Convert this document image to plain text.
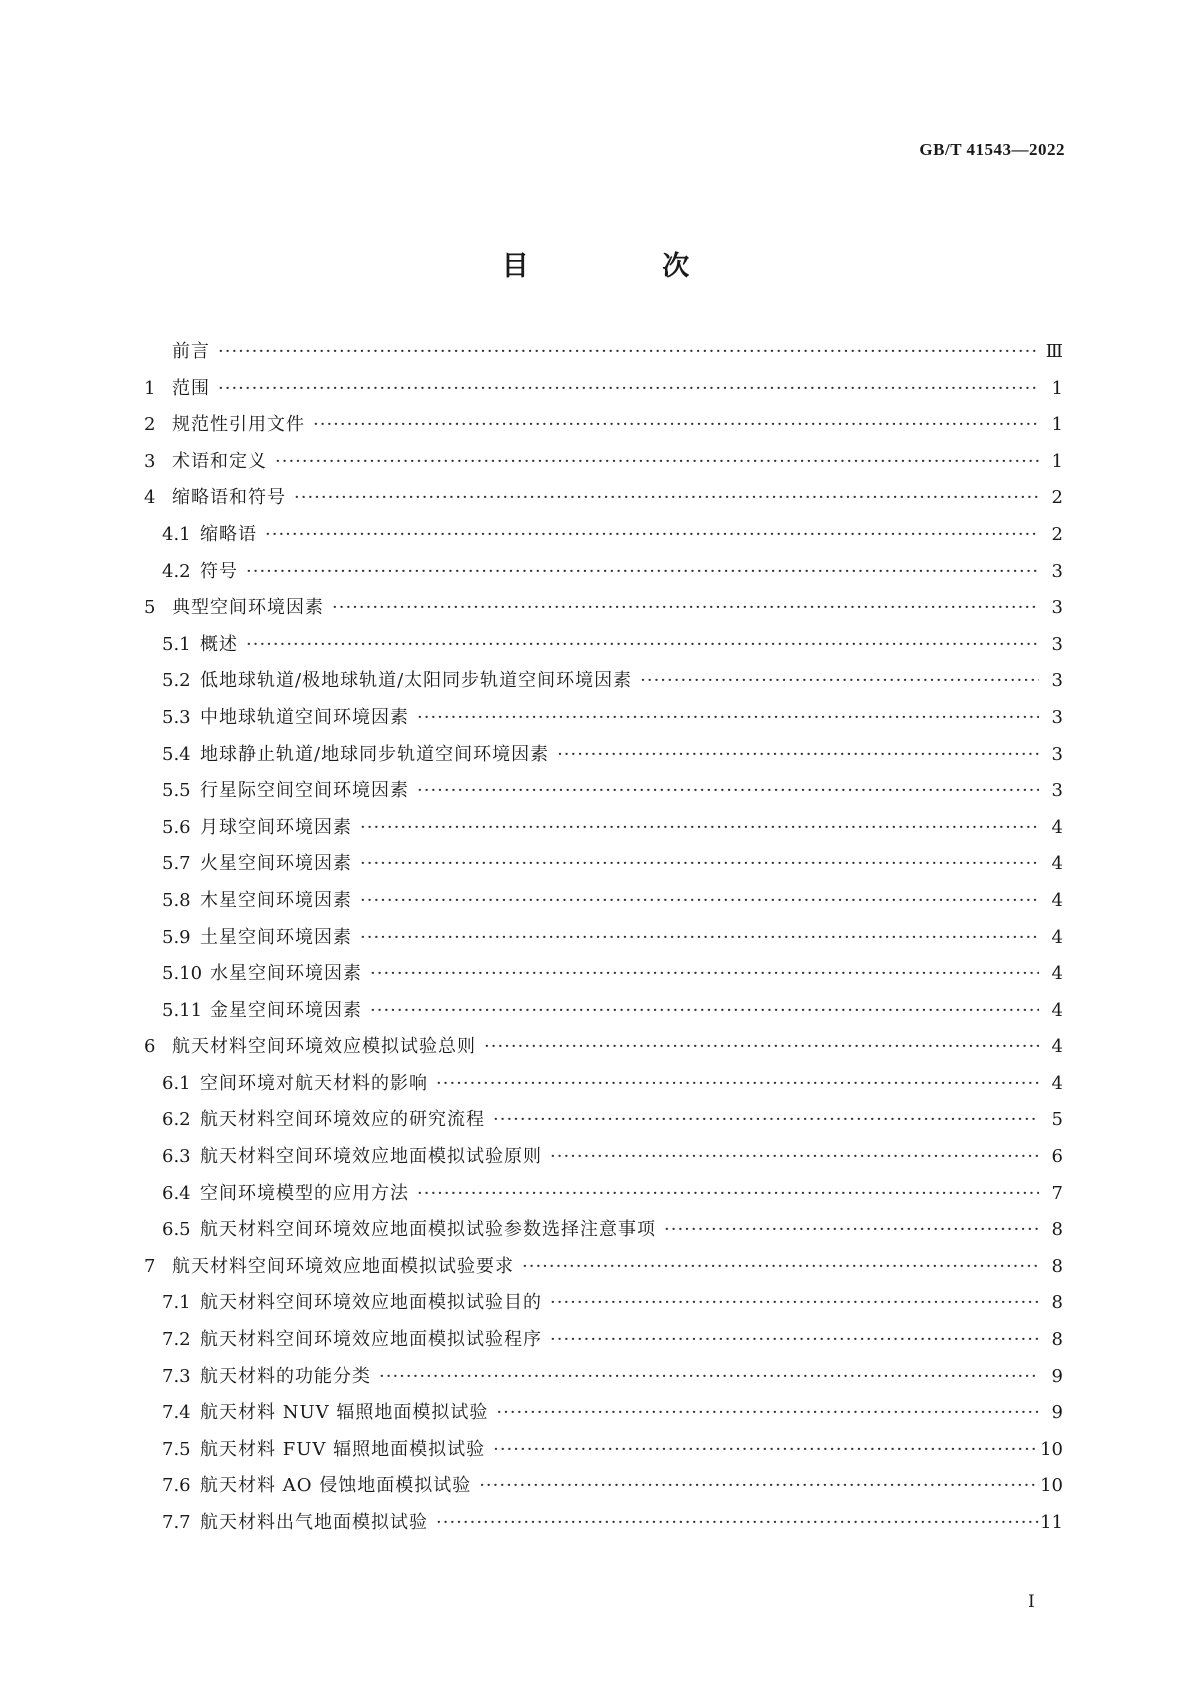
GB/T 41543—2022
目 次
前言 ·····	Ⅲ
1 范围 ·····	1
2 规范性引用文件 ·····	1
3 术语和定义 ·····	1
4 缩略语和符号 ·····	2
4.1 缩略语 ·····	2
4.2 符号 ·····	3
5 典型空间环境因素 ·····	3
5.1 概述 ·····	3
5.2 低地球轨道/极地球轨道/太阳同步轨道空间环境因素 ·····	3
5.3 中地球轨道空间环境因素 ·····	3
5.4 地球静止轨道/地球同步轨道空间环境因素 ·····	3
5.5 行星际空间空间环境因素 ·····	3
5.6 月球空间环境因素 ·····	4
5.7 火星空间环境因素 ·····	4
5.8 木星空间环境因素 ·····	4
5.9 土星空间环境因素 ·····	4
5.10 水星空间环境因素 ·····	4
5.11 金星空间环境因素 ·····	4
6 航天材料空间环境效应模拟试验总则 ·····	4
6.1 空间环境对航天材料的影响 ·····	4
6.2 航天材料空间环境效应的研究流程 ·····	5
6.3 航天材料空间环境效应地面模拟试验原则 ·····	6
6.4 空间环境模型的应用方法 ·····	7
6.5 航天材料空间环境效应地面模拟试验参数选择注意事项 ·····	8
7 航天材料空间环境效应地面模拟试验要求 ·····	8
7.1 航天材料空间环境效应地面模拟试验目的 ·····	8
7.2 航天材料空间环境效应地面模拟试验程序 ·····	8
7.3 航天材料的功能分类 ·····	9
7.4 航天材料 NUV 辐照地面模拟试验 ·····	9
7.5 航天材料 FUV 辐照地面模拟试验 ·····	10
7.6 航天材料 AO 侵蚀地面模拟试验 ·····	10
7.7 航天材料出气地面模拟试验 ·····	11
I
